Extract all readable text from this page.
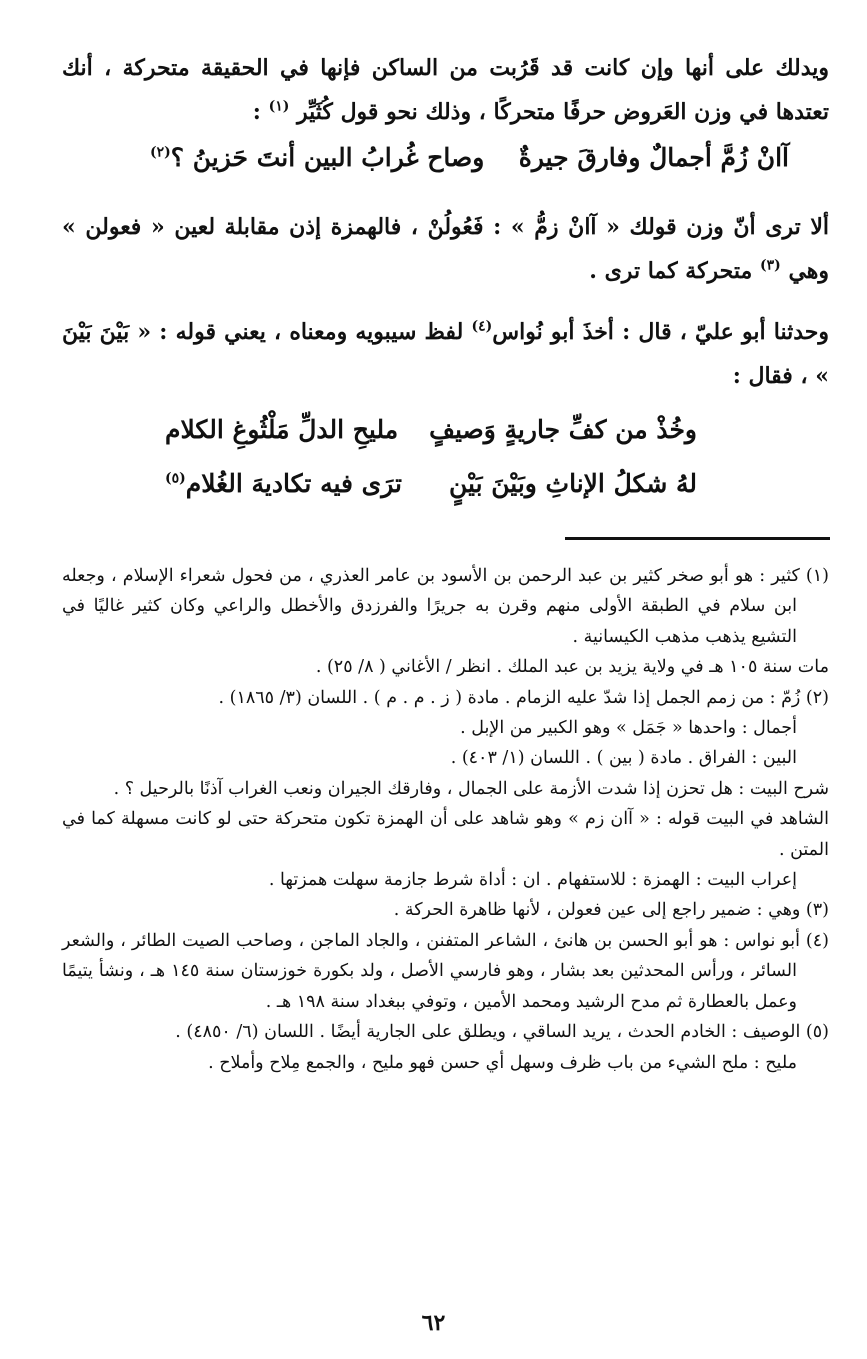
ويدلك على أنها وإن كانت قد قَرُبت من الساكن فإنها في الحقيقة متحركة ، أنك تعتدها في وزن العَروض حرفًا متحركًا ، وذلك نحو قول كُثَيِّر $^{(١)}$ :

آانْ زُمَّ أجمالٌ وفارقَ جيرةٌ
وصاح غُرابُ البين أنتَ حَزينُ ؟$^{(٢)}$

ألا ترى أنّ وزن قولك « آانْ زمُّ » : فَعُولُنْ ، فالهمزة إذن مقابلة لعين « فعولن » وهي $^{(٣)}$ متحركة كما ترى .

وحدثنا أبو عليّ ، قال : أخذَ أبو نُواس$^{(٤)}$ لفظ سيبويه ومعناه ، يعني قوله : « بَيْنَ بَيْنَ » ، فقال :

وخُذْ من كفِّ جاريةٍ وَصيفٍ
مليحِ الدلِّ مَلْثُوغِ الكلام
لهُ شكلُ الإناثِ وبَيْنَ بَيْنٍ
ترَى فيه تكاديهَ الغُلام$^{(٥)}$

(١) كثير : هو أبو صخر كثير بن عبد الرحمن بن الأسود بن عامر العذري ، من فحول شعراء الإسلام ، وجعله ابن سلام في الطبقة الأولى منهم وقرن به جريرًا والفرزدق والأخطل والراعي وكان كثير غاليًا في التشيع يذهب مذهب الكيسانية .

مات سنة ١٠٥ هـ في ولاية يزيد بن عبد الملك . انظر / الأغاني ( ٨/ ٢٥) .

(٢) زُمّ : من زمم الجمل إذا شدّ عليه الزمام . مادة ( ز . م . م ) . اللسان (٣/ ١٨٦٥) .

أجمال : واحدها « جَمَل » وهو الكبير من الإبل .

البين : الفراق . مادة ( بين ) . اللسان (١/ ٤٠٣) .

شرح البيت : هل تحزن إذا شدت الأزمة على الجمال ، وفارقك الجيران ونعب الغراب آذنًا بالرحيل ؟ .

الشاهد في البيت قوله : « آان زم » وهو شاهد على أن الهمزة تكون متحركة حتى لو كانت مسهلة كما في المتن .

إعراب البيت : الهمزة : للاستفهام . ان : أداة شرط جازمة سهلت همزتها .

(٣) وهي : ضمير راجع إلى عين فعولن ، لأنها ظاهرة الحركة .

(٤) أبو نواس : هو أبو الحسن بن هانئ ، الشاعر المتفنن ، والجاد الماجن ، وصاحب الصيت الطائر ، والشعر السائر ، ورأس المحدثين بعد بشار ، وهو فارسي الأصل ، ولد بكورة خوزستان سنة ١٤٥ هـ ، ونشأ يتيمًا وعمل بالعطارة ثم مدح الرشيد ومحمد الأمين ، وتوفي ببغداد سنة ١٩٨ هـ .

(٥) الوصيف : الخادم الحدث ، يريد الساقي ، ويطلق على الجارية أيضًا . اللسان (٦/ ٤٨٥٠) .

مليح : ملح الشيء من باب ظرف وسهل أي حسن فهو مليح ، والجمع مِلاح وأملاح .

٦٢
